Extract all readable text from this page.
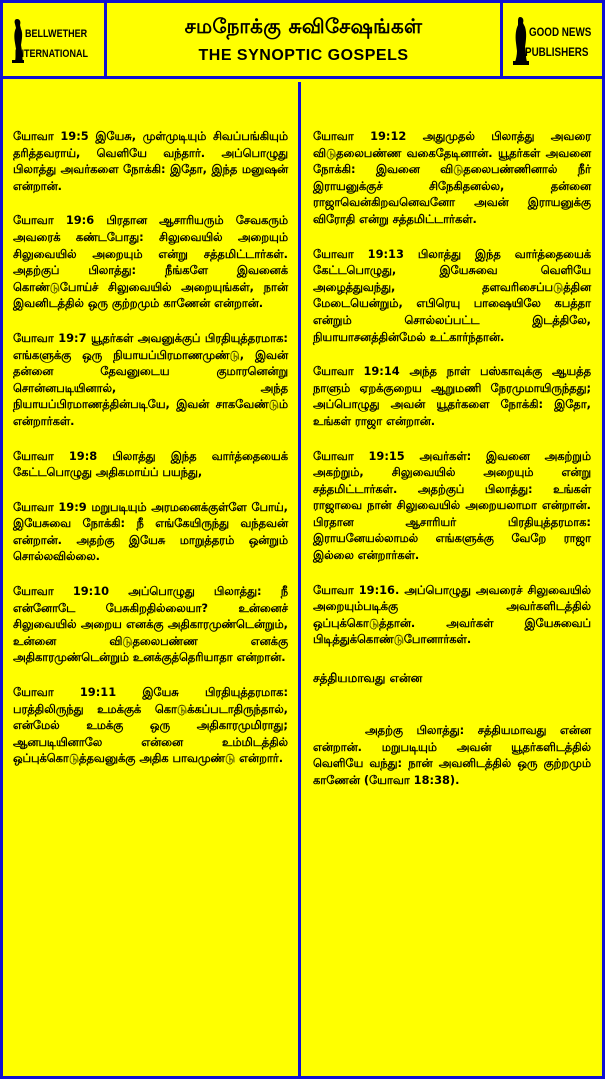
BELLWETHER
INTERNATIONAL
சமநோக்கு சுவிசேஷங்கள்
THE SYNOPTIC GOSPELS
GOOD NEWS
PUBLISHERS

யோவா 19:5 இயேசு, முள்முடியும் சிவப்பங்கியும் தரித்தவராய், வெளியே வந்தார். அப்பொழுது பிலாத்து அவர்களை நோக்கி: இதோ, இந்த மனுஷன் என்றான்.

யோவா 19:6 பிரதான ஆசாரியரும் சேவகரும் அவரைக் கண்டபோது: சிலுவையில் அறையும் சிலுவையில் அறையும் என்று சத்தமிட்டார்கள். அதற்குப் பிலாத்து: நீங்களே இவனைக் கொண்டுபோய்ச் சிலுவையில் அறையுங்கள், நான் இவனிடத்தில் ஒரு குற்றமும் காணேன் என்றான்.

யோவா 19:7 யூதர்கள் அவனுக்குப் பிரதியுத்தரமாக: எங்களுக்கு ஒரு நியாயப்பிரமாணமுண்டு, இவன் தன்னை தேவனுடைய குமாரனென்று சொன்னபடியினால், அந்த நியாயப்பிரமாணத்தின்படியே, இவன் சாகவேண்டும் என்றார்கள்.

யோவா 19:8 பிலாத்து இந்த வார்த்தையைக் கேட்டபொழுது அதிகமாய்ப் பயந்து,

யோவா 19:9 மறுபடியும் அரமனைக்குள்ளே போய், இயேசுவை நோக்கி: நீ எங்கேயிருந்து வந்தவன் என்றான். அதற்கு இயேசு மாறுத்தரம் ஒன்றும் சொல்லவில்லை.

யோவா 19:10 அப்பொழுது பிலாத்து: நீ என்னோடே பேசுகிறதில்லையா? உன்னைச் சிலுவையில் அறைய எனக்கு அதிகாரமுண்டென்றும், உன்னை விடுதலைபண்ண எனக்கு அதிகாரமுண்டென்றும் உனக்குத்தெரியாதா என்றான்.

யோவா 19:11 இயேசு பிரதியுத்தரமாக: பரத்திலிருந்து உமக்குக் கொடுக்கப்படாதிருந்தால், என்மேல் உமக்கு ஒரு அதிகாரமுமிராது; ஆனபடியினாலே என்னை உம்மிடத்தில் ஒப்புக்கொடுத்தவனுக்கு அதிக பாவமுண்டு என்றார்.

யோவா 19:12 அதுமுதல் பிலாத்து அவரை விடுதலைபண்ண வகைதேடினான். யூதர்கள் அவனை நோக்கி: இவனை விடுதலைபண்ணினால் நீர் இராயனுக்குச் சிநேகிதனல்ல, தன்னை ராஜாவென்கிறவனெவனோ அவன் இராயனுக்கு விரோதி என்று சத்தமிட்டார்கள்.

யோவா 19:13 பிலாத்து இந்த வார்த்தையைக் கேட்டபொழுது, இயேசுவை வெளியே அழைத்துவந்து, தளவரிசைப்படுத்தின மேடையென்றும், எபிரெயு பாஷையிலே கபத்தா என்றும் சொல்லப்பட்ட இடத்திலே, நியாயாசனத்தின்மேல் உட்கார்ந்தான்.

யோவா 19:14 அந்த நாள் பஸ்காவுக்கு ஆயத்த நாளும் ஏறக்குறைய ஆறுமணி நேரமுமாயிருந்தது; அப்பொழுது அவன் யூதர்களை நோக்கி: இதோ, உங்கள் ராஜா என்றான்.

யோவா 19:15 அவர்கள்: இவனை அகற்றும் அகற்றும், சிலுவையில் அறையும் என்று சத்தமிட்டார்கள். அதற்குப் பிலாத்து: உங்கள் ராஜாவை நான் சிலுவையில் அறையலாமா என்றான். பிரதான ஆசாரியர் பிரதியுத்தரமாக: இராயனேயல்லாமல் எங்களுக்கு வேறே ராஜா இல்லை என்றார்கள்.

யோவா 19:16. அப்பொழுது அவரைச் சிலுவையில் அறையும்படிக்கு அவர்களிடத்தில் ஒப்புக்கொடுத்தான். அவர்கள் இயேசுவைப் பிடித்துக்கொண்டுபோனார்கள்.

சத்தியமாவது என்ன

அதற்கு பிலாத்து: சத்தியமாவது என்ன என்றான். மறுபடியும் அவன் யூதர்களிடத்தில் வெளியே வந்து: நான் அவனிடத்தில் ஒரு குற்றமும் காணேன் (யோவா 18:38).
